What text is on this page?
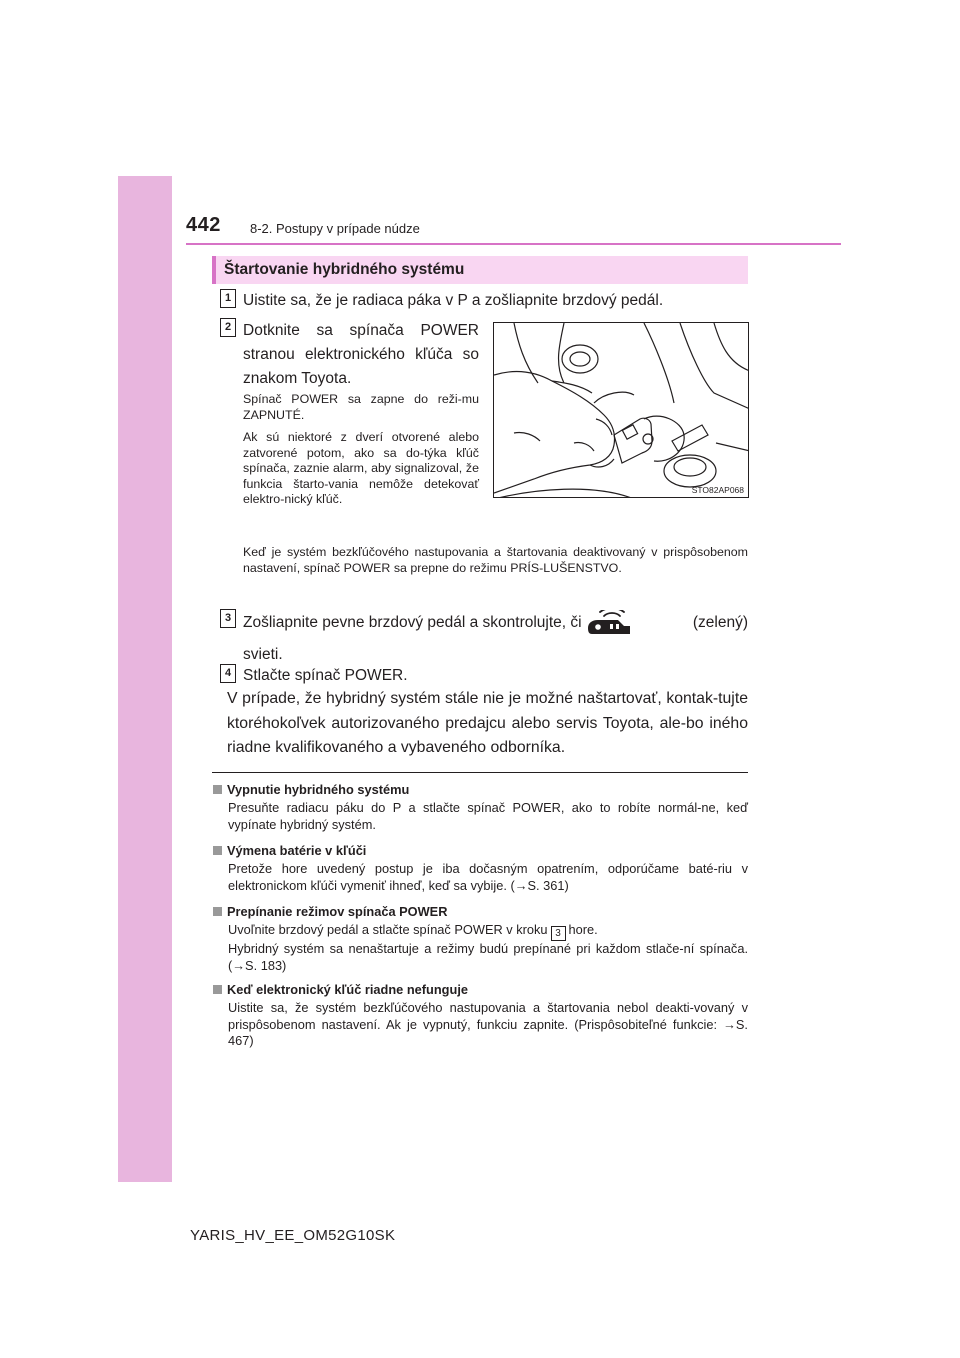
442 8-2. Postupy v prípade núdze
Štartovanie hybridného systému
1 Uistite sa, že je radiaca páka v P a zošliapnite brzdový pedál.
2 Dotknite sa spínača POWER stranou elektronického kľúča so znakom Toyota.
Spínač POWER sa zapne do reži-mu ZAPNUTÉ.
Ak sú niektoré z dverí otvorené alebo zatvorené potom, ako sa do-týka kľúč spínača, zaznie alarm, aby signalizoval, že funkcia štarto-vania nemôže detekovať elektro-nický kľúč.
STO82AP068
Keď je systém bezkľúčového nastupovania a štartovania deaktivovaný v prispôsobenom nastavení, spínač POWER sa prepne do režimu PRÍS-LUŠENSTVO.
3 Zošliapnite pevne brzdový pedál a skontrolujte, či	(zelený)
svieti.
4 Stlačte spínač POWER.
V prípade, že hybridný systém stále nie je možné naštartovať, kontak-tujte ktoréhokoľvek autorizovaného predajcu alebo servis Toyota, ale-bo iného riadne kvalifikovaného a vybaveného odborníka.
Vypnutie hybridného systému
Presuňte radiacu páku do P a stlačte spínač POWER, ako to robíte normál-ne, keď vypínate hybridný systém.
Výmena batérie v kľúči
Pretože hore uvedený postup je iba dočasným opatrením, odporúčame baté-riu v elektronickom kľúči vymeniť ihneď, keď sa vybije. (→S. 361)
Prepínanie režimov spínača POWER
Uvoľnite brzdový pedál a stlačte spínač POWER v kroku 3 hore.
Hybridný systém sa nenaštartuje a režimy budú prepínané pri každom stlače-ní spínača. (→S. 183)
Keď elektronický kľúč riadne nefunguje
Uistite sa, že systém bezkľúčového nastupovania a štartovania nebol deakti-vovaný v prispôsobenom nastavení. Ak je vypnutý, funkciu zapnite. (Prispôsobiteľné funkcie: →S. 467)
YARIS_HV_EE_OM52G10SK
